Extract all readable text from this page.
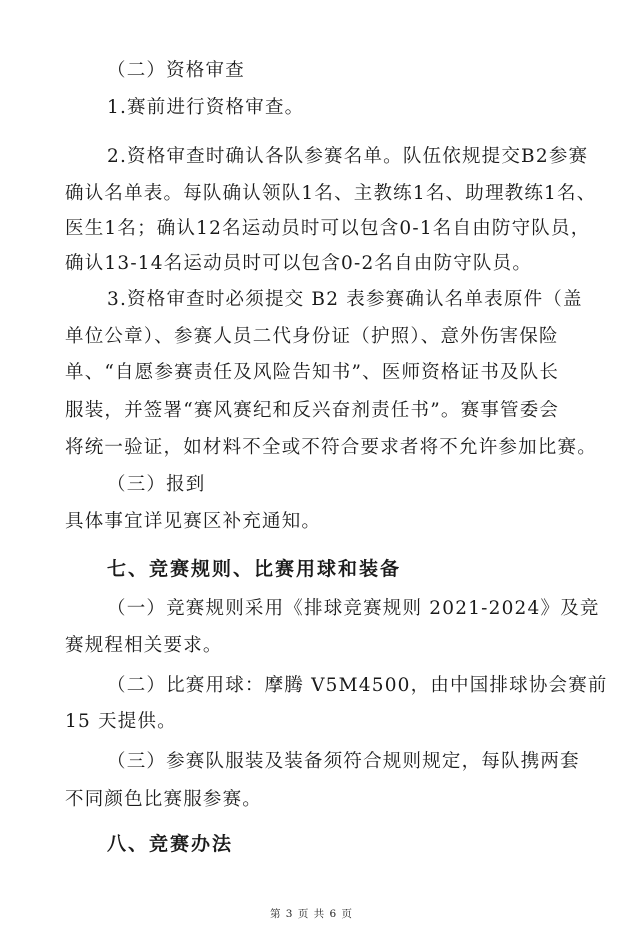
（二）资格审查
1.赛前进行资格审查。
2.资格审查时确认各队参赛名单。队伍依规提交B2参赛
确认名单表。每队确认领队1名、主教练1名、助理教练1名、
医生1名；确认12名运动员时可以包含0-1名自由防守队员，
确认13-14名运动员时可以包含0-2名自由防守队员。
3.资格审查时必须提交 B2 表参赛确认名单表原件（盖
单位公章）、参赛人员二代身份证（护照）、意外伤害保险
单、“自愿参赛责任及风险告知书”、医师资格证书及队长
服装，并签署“赛风赛纪和反兴奋剂责任书”。赛事管委会
将统一验证，如材料不全或不符合要求者将不允许参加比赛。
（三）报到
具体事宜详见赛区补充通知。
七、竞赛规则、比赛用球和装备
（一）竞赛规则采用《排球竞赛规则 2021-2024》及竞
赛规程相关要求。
（二）比赛用球：摩腾 V5M4500，由中国排球协会赛前
15 天提供。
（三）参赛队服装及装备须符合规则规定，每队携两套
不同颜色比赛服参赛。
八、竞赛办法
第 3 页 共 6 页
